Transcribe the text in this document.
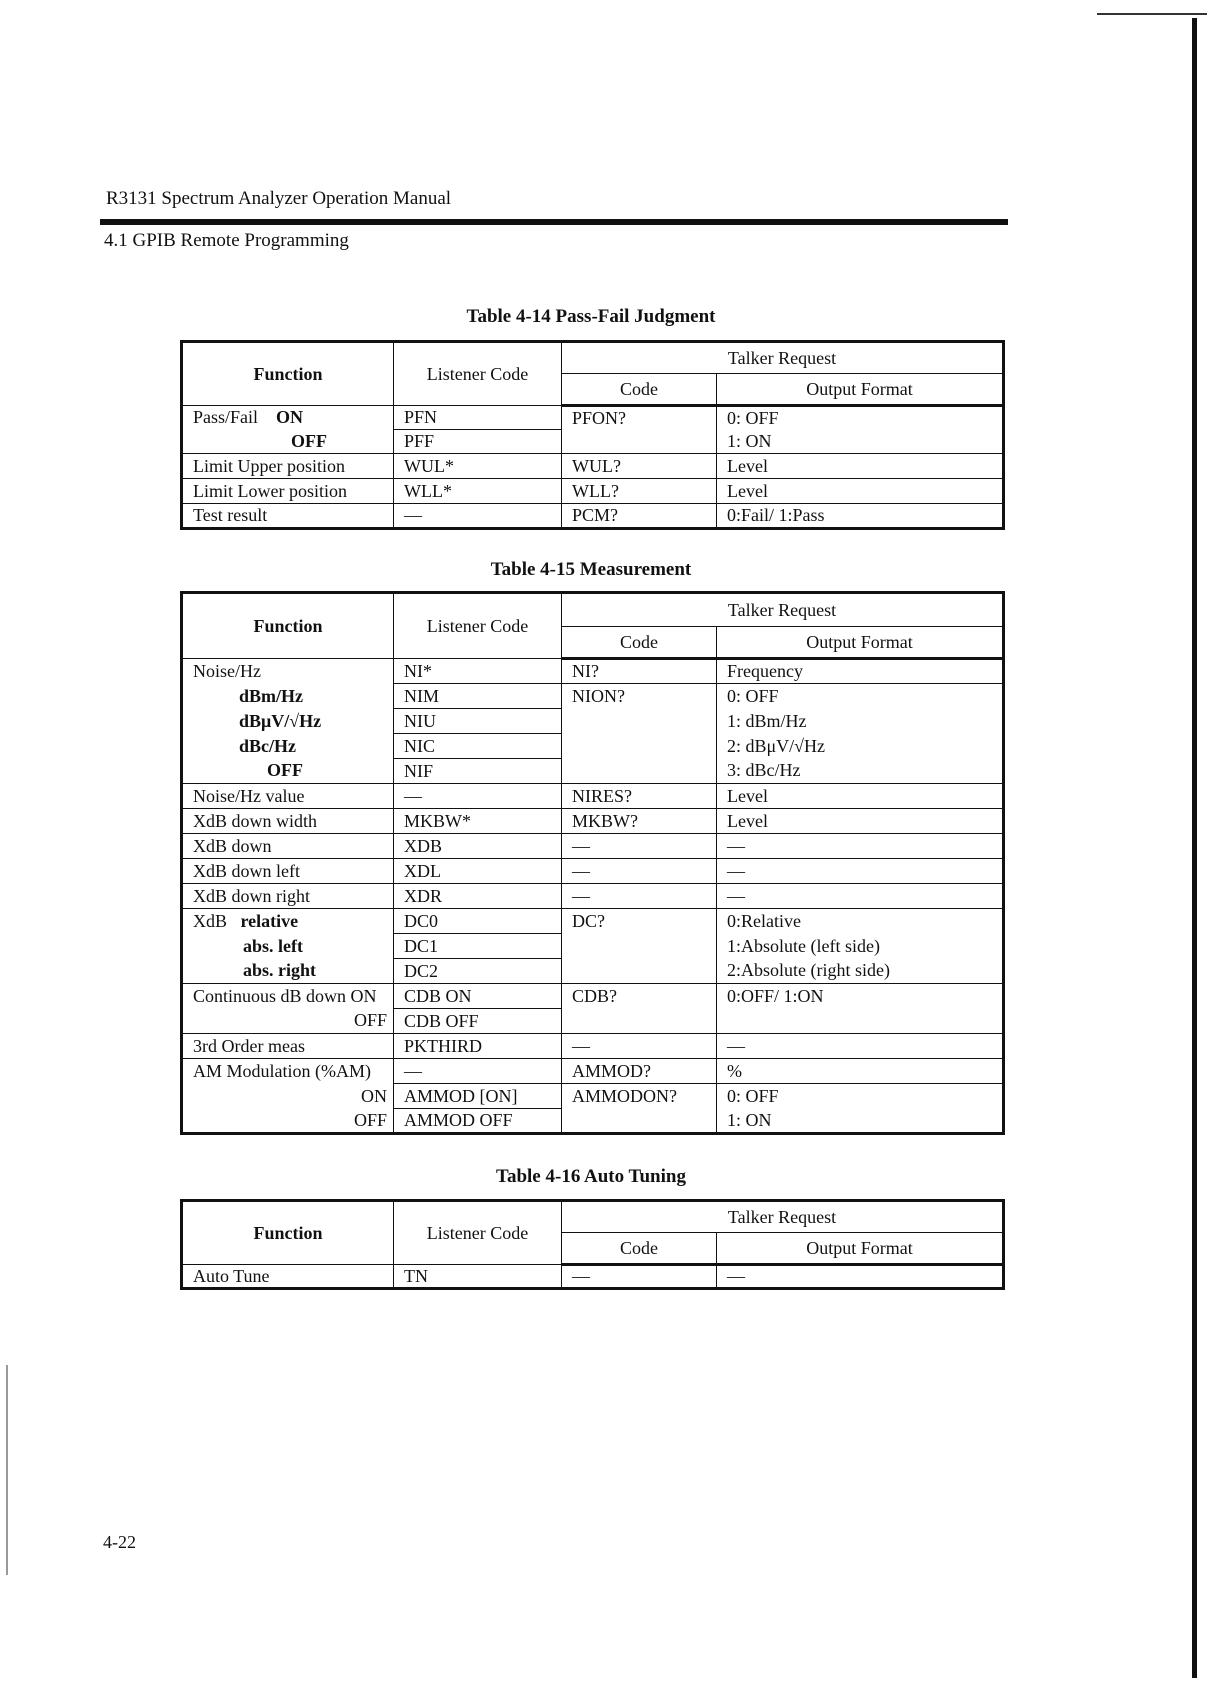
R3131 Spectrum Analyzer Operation Manual
4.1 GPIB Remote Programming
Table 4-14 Pass-Fail Judgment
Function	Listener Code	Talker Request	
		Code	Output Format
Pass/Fail ON	PFN	PFON?	0: OFF
OFF	PFF		1: ON
Limit Upper position	WUL*	WUL?	Level
Limit Lower position	WLL*	WLL?	Level
Test result	—	PCM?	0:Fail/ 1:Pass
Table 4-15 Measurement
Function	Listener Code	Talker Request	
		Code	Output Format
Noise/Hz	NI*	NI?	Frequency
dBm/Hz	NIM	NION?	0: OFF
dBμV/√Hz	NIU		1: dBm/Hz
dBc/Hz	NIC		2: dBμV/√Hz
OFF	NIF		3: dBc/Hz
Noise/Hz value	—	NIRES?	Level
XdB down width	MKBW*	MKBW?	Level
XdB down	XDB	—	—
XdB down left	XDL	—	—
XdB down right	XDR	—	—
XdB relative	DC0	DC?	0:Relative
abs. left	DC1		1:Absolute (left side)
abs. right	DC2		2:Absolute (right side)
Continuous dB down ON	CDB ON	CDB?	0:OFF/ 1:ON
OFF	CDB OFF		
3rd Order meas	PKTHIRD	—	—
AM Modulation (%AM)	—	AMMOD?	%
ON	AMMOD [ON]	AMMODON?	0: OFF
OFF	AMMOD OFF		1: ON
Table 4-16 Auto Tuning
Function	Listener Code	Talker Request	
		Code	Output Format
Auto Tune	TN	—	—
4-22
